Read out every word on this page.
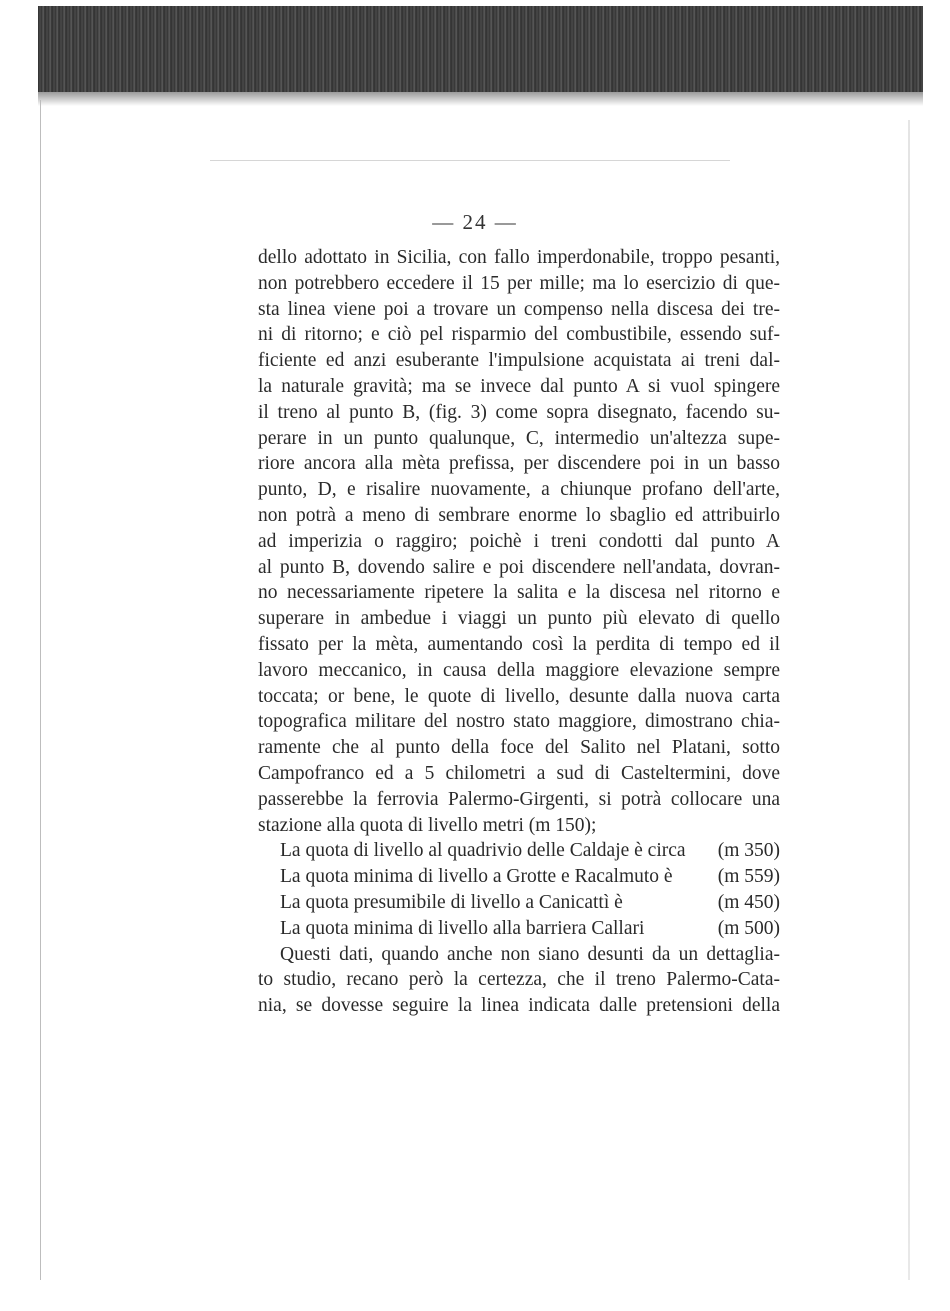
— 24 —
dello adottato in Sicilia, con fallo imperdonabile, troppo pesanti,
non potrebbero eccedere il 15 per mille; ma lo esercizio di que-
sta linea viene poi a trovare un compenso nella discesa dei tre-
ni di ritorno; e ciò pel risparmio del combustibile, essendo suf-
ficiente ed anzi esuberante l'impulsione acquistata ai treni dal-
la naturale gravità; ma se invece dal punto A si vuol spingere
il treno al punto B, (fig. 3) come sopra disegnato, facendo su-
perare in un punto qualunque, C, intermedio un'altezza supe-
riore ancora alla mèta prefissa, per discendere poi in un basso
punto, D, e risalire nuovamente, a chiunque profano dell'arte,
non potrà a meno di sembrare enorme lo sbaglio ed attribuirlo
ad imperizia o raggiro; poichè i treni condotti dal punto A
al punto B, dovendo salire e poi discendere nell'andata, dovran-
no necessariamente ripetere la salita e la discesa nel ritorno e
superare in ambedue i viaggi un punto più elevato di quello
fissato per la mèta, aumentando così la perdita di tempo ed il
lavoro meccanico, in causa della maggiore elevazione sempre
toccata; or bene, le quote di livello, desunte dalla nuova carta
topografica militare del nostro stato maggiore, dimostrano chia-
ramente che al punto della foce del Salito nel Platani, sotto
Campofranco ed a 5 chilometri a sud di Casteltermini, dove
passerebbe la ferrovia Palermo-Girgenti, si potrà collocare una
stazione alla quota di livello metri (m 150);
La quota di livello al quadrivio delle Caldaje è circa (m 350)
La quota minima di livello a Grotte e Racalmuto è (m 559)
La quota presumibile di livello a Canicattì è	(m 450)
La quota minima di livello alla barriera Callari	(m 500)
Questi dati, quando anche non siano desunti da un dettaglia-
to studio, recano però la certezza, che il treno Palermo-Cata-
nia, se dovesse seguire la linea indicata dalle pretensioni della
